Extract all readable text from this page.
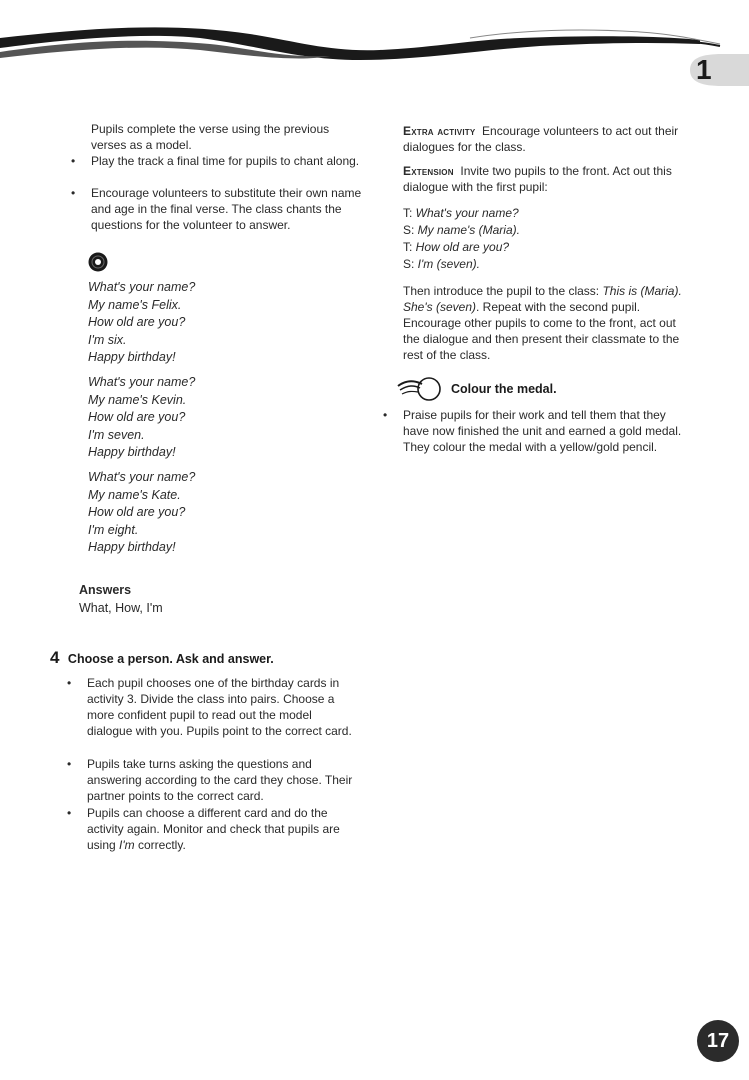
1
Pupils complete the verse using the previous verses as a model.
• Play the track a final time for pupils to chant along.
• Encourage volunteers to substitute their own name and age in the final verse. The class chants the questions for the volunteer to answer.
What's your name?
My name's Felix.
How old are you?
I'm six.
Happy birthday!
What's your name?
My name's Kevin.
How old are you?
I'm seven.
Happy birthday!
What's your name?
My name's Kate.
How old are you?
I'm eight.
Happy birthday!
Answers
What, How, I'm
4 Choose a person. Ask and answer.
• Each pupil chooses one of the birthday cards in activity 3. Divide the class into pairs. Choose a more confident pupil to read out the model dialogue with you. Pupils point to the correct card.
• Pupils take turns asking the questions and answering according to the card they chose. Their partner points to the correct card.
• Pupils can choose a different card and do the activity again. Monitor and check that pupils are using I'm correctly.
Extra activity Encourage volunteers to act out their dialogues for the class.
Extension Invite two pupils to the front. Act out this dialogue with the first pupil:
T: What's your name?
S: My name's (Maria).
T: How old are you?
S: I'm (seven).
Then introduce the pupil to the class: This is (Maria). She's (seven). Repeat with the second pupil. Encourage other pupils to come to the front, act out the dialogue and then present their classmate to the rest of the class.
Colour the medal.
• Praise pupils for their work and tell them that they have now finished the unit and earned a gold medal. They colour the medal with a yellow/gold pencil.
17
